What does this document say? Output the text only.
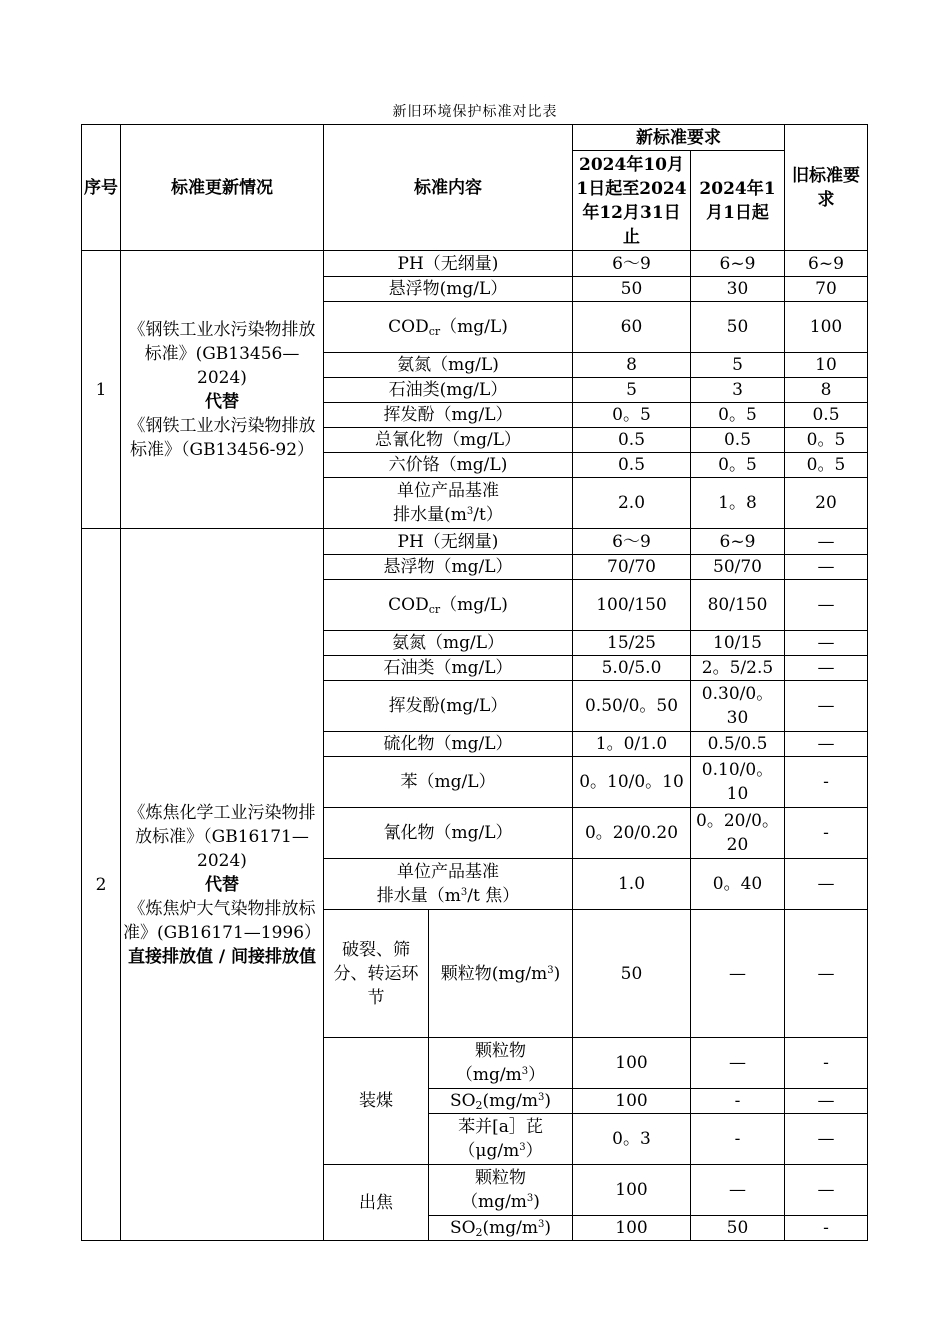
新旧环境保护标准对比表
序号	标准更新情况	标准内容		新标准要求		旧标准要求
				2024年10月1日起至2024年12月31日止	2024年1月1日起	
1	《钢铁工业水污染物排放标准》(GB13456—2024)
代替
《钢铁工业水污染物排放标准》（GB13456-92）	PH（无纲量)		6～9	6~9	6~9
		悬浮物(mg/L）		50	30	70
		$COD_{cr}(mg/L)$		60	50	100
		氨氮（mg/L)		8	5	10
		石油类(mg/L）		5	3	8
		挥发酚（mg/L）		0。5	0。5	0.5
		总氰化物（mg/L）		0.5	0.5	0。5
		六价铬（mg/L)		0.5	0。5	0。5

		单位产品基准
排水量$(m^3/t)$		2.0	1。8	20
2	《炼焦化学工业污染物排放标准》（GB16171—2024)
代替
《炼焦炉大气染物排放标准》(GB16171—1996）
直接排放值 / 间接排放值	PH（无纲量)		6～9	6~9	—
		悬浮物（mg/L）		70/70	50/70	—
		$COD_{cr}(mg/L)$		100/150	80/150	—
		氨氮（mg/L）		15/25	10/15	—
		石油类（mg/L）		5.0/5.0	2。5/2.5	—
		挥发酚(mg/L）		0.50/0。50	0.30/0。30	—
		硫化物（mg/L）		1。0/1.0	0.5/0.5	—
		苯（mg/L）		0。10/0。10	0.10/0。10	-
		氰化物（mg/L）		0。20/0.20	0。20/0。20	-

		单位产品基准
排水量（$m^3/t$ 焦）		1.0	0。40	—
		破裂、筛分、转运环节	颗粒物$(mg/m^3)$	50	—	—
		装煤	颗粒物
$(mg/m^3)$	100	—	-
			$SO_2(mg/m^3)$	100	-	—

			苯并[a］芘
$(\mu g/m^3)$	0。3	-	—
		出焦	颗粒物
$(mg/m^3)$	100	—	—
			$SO_2(mg/m^3)$	100	50	-
